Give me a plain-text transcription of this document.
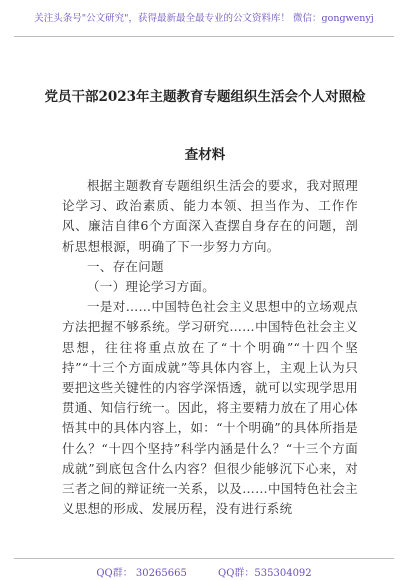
关注头条号"公文研究"，获得最新最全最专业的公文资料库！ 微信：gongwenyj
党员干部2023年主题教育专题组织生活会个人对照检查材料

根据主题教育专题组织生活会的要求，我对照理论学习、政治素质、能力本领、担当作为、工作作风、廉洁自律6个方面深入查摆自身存在的问题，剖析思想根源，明确了下一步努力方向。

一、存在问题

（一）理论学习方面。

一是对……中国特色社会主义思想中的立场观点方法把握不够系统。学习研究……中国特色社会主义思想，往往将重点放在了“十个明确”“十四个坚持”“十三个方面成就”等具体内容上，主观上认为只要把这些关键性的内容学深悟透，就可以实现学思用贯通、知信行统一。因此，将主要精力放在了用心体悟其中的具体内容上，如：“十个明确”的具体所指是什么？“十四个坚持”科学内涵是什么？“十三个方面成就”到底包含什么内容？但很少能够沉下心来，对三者之间的辩证统一关系，以及……中国特色社会主义思想的形成、发展历程，没有进行系统

QQ群： 30265665	QQ群：535304092
